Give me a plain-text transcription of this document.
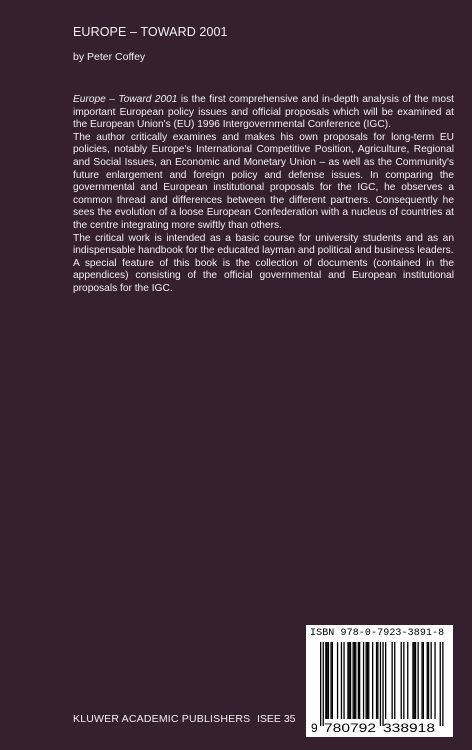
EUROPE – TOWARD 2001
by Peter Coffey

Europe – Toward 2001 is the first comprehensive and in-depth analysis of the most important European policy issues and official proposals which will be examined at the European Union's (EU) 1996 Intergovernmental Conference (IGC).

The author critically examines and makes his own proposals for long-term EU policies, notably Europe's International Competitive Position, Agriculture, Regional and Social Issues, an Economic and Monetary Union – as well as the Community's future enlargement and foreign policy and defense issues. In comparing the governmental and European institutional proposals for the IGC, he observes a common thread and differences between the different partners. Consequently he sees the evolution of a loose European Confederation with a nucleus of countries at the centre integrating more swiftly than others.

The critical work is intended as a basic course for university students and as an indispensable handbook for the educated layman and political and business leaders.

A special feature of this book is the collection of documents (contained in the appendices) consisting of the official governmental and European institutional proposals for the IGC.

ISBN 978-0-7923-3891-8
9 780792 338918
KLUWER ACADEMIC PUBLISHERS ISEE 35
